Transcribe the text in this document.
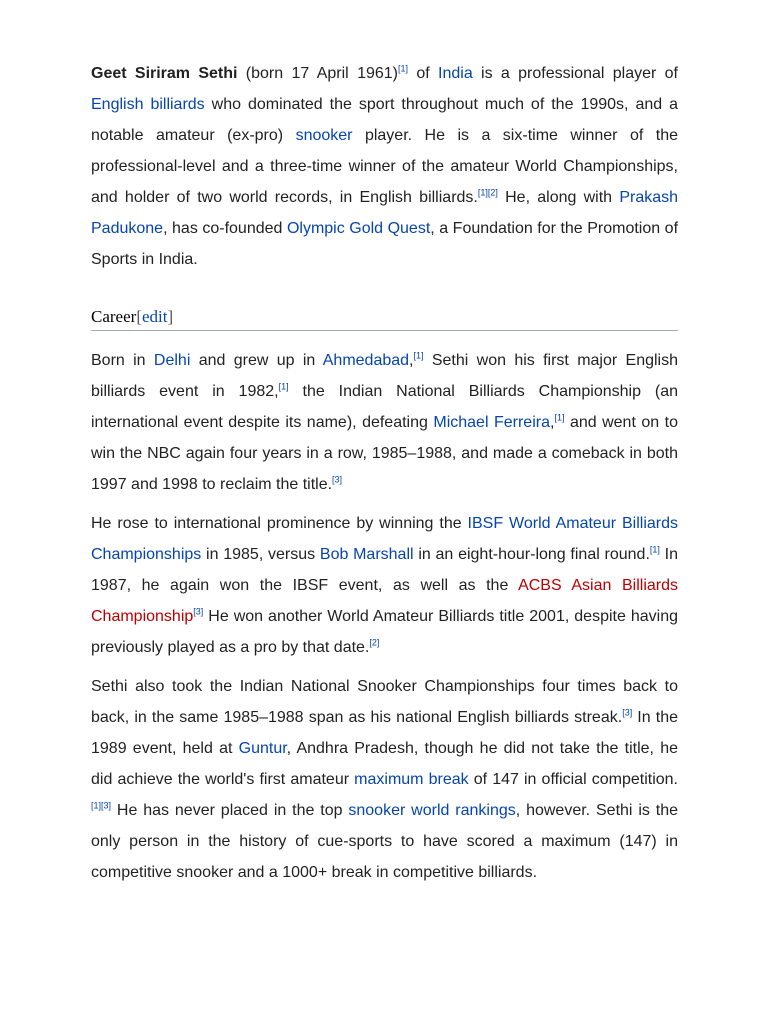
Geet Siriram Sethi (born 17 April 1961)[1] of India is a professional player of English billiards who dominated the sport throughout much of the 1990s, and a notable amateur (ex-pro) snooker player. He is a six-time winner of the professional-level and a three-time winner of the amateur World Championships, and holder of two world records, in English billiards.[1][2] He, along with Prakash Padukone, has co-founded Olympic Gold Quest, a Foundation for the Promotion of Sports in India.

Career[edit]

Born in Delhi and grew up in Ahmedabad,[1] Sethi won his first major English billiards event in 1982,[1] the Indian National Billiards Championship (an international event despite its name), defeating Michael Ferreira,[1] and went on to win the NBC again four years in a row, 1985–1988, and made a comeback in both 1997 and 1998 to reclaim the title.[3]

He rose to international prominence by winning the IBSF World Amateur Billiards Championships in 1985, versus Bob Marshall in an eight-hour-long final round.[1] In 1987, he again won the IBSF event, as well as the ACBS Asian Billiards Championship[3] He won another World Amateur Billiards title 2001, despite having previously played as a pro by that date.[2]

Sethi also took the Indian National Snooker Championships four times back to back, in the same 1985–1988 span as his national English billiards streak.[3] In the 1989 event, held at Guntur, Andhra Pradesh, though he did not take the title, he did achieve the world's first amateur maximum break of 147 in official competition.[1][3] He has never placed in the top snooker world rankings, however. Sethi is the only person in the history of cue-sports to have scored a maximum (147) in competitive snooker and a 1000+ break in competitive billiards.
